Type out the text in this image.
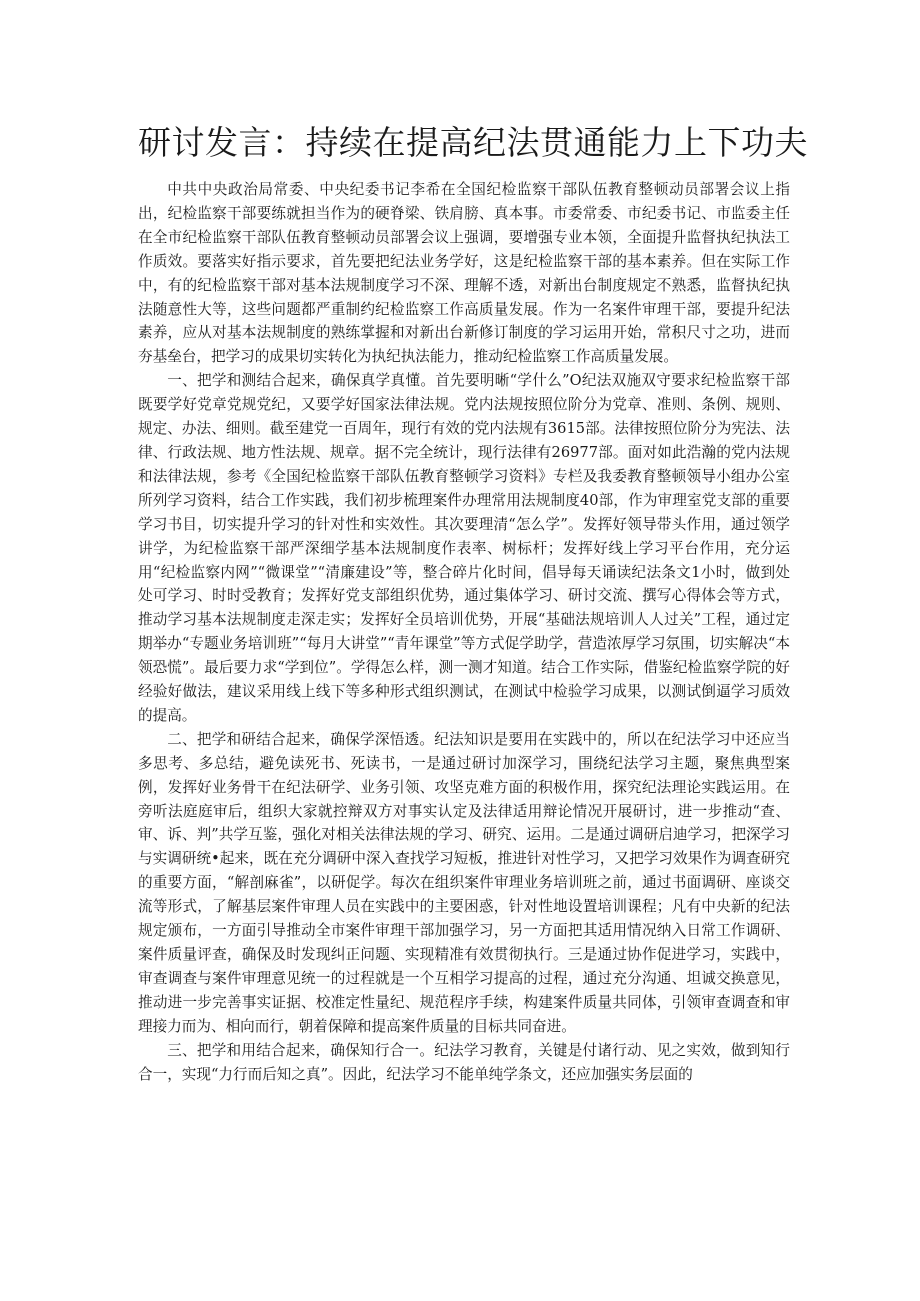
研讨发言：持续在提高纪法贯通能力上下功夫

中共中央政治局常委、中央纪委书记李希在全国纪检监察干部队伍教育整顿动员部署会议上指出，纪检监察干部要练就担当作为的硬脊梁、铁肩膀、真本事。市委常委、市纪委书记、市监委主任在全市纪检监察干部队伍教育整顿动员部署会议上强调，要增强专业本领，全面提升监督执纪执法工作质效。要落实好指示要求，首先要把纪法业务学好，这是纪检监察干部的基本素养。但在实际工作中，有的纪检监察干部对基本法规制度学习不深、理解不透，对新出台制度规定不熟悉，监督执纪执法随意性大等，这些问题都严重制约纪检监察工作高质量发展。作为一名案件审理干部，要提升纪法素养，应从对基本法规制度的熟练掌握和对新出台新修订制度的学习运用开始，常积尺寸之功，进而夯基垒台，把学习的成果切实转化为执纪执法能力，推动纪检监察工作高质量发展。

一、把学和测结合起来，确保真学真懂。首先要明晰“学什么”O纪法双施双守要求纪检监察干部既要学好党章党规党纪，又要学好国家法律法规。党内法规按照位阶分为党章、准则、条例、规则、规定、办法、细则。截至建党一百周年，现行有效的党内法规有3615部。法律按照位阶分为宪法、法律、行政法规、地方性法规、规章。据不完全统计，现行法律有26977部。面对如此浩瀚的党内法规和法律法规，参考《全国纪检监察干部队伍教育整顿学习资料》专栏及我委教育整顿领导小组办公室所列学习资料，结合工作实践，我们初步梳理案件办理常用法规制度40部，作为审理室党支部的重要学习书目，切实提升学习的针对性和实效性。其次要理清“怎么学”。发挥好领导带头作用，通过领学讲学，为纪检监察干部严深细学基本法规制度作表率、树标杆；发挥好线上学习平台作用，充分运用“纪检监察内网”“微课堂”“清廉建设”等，整合碎片化时间，倡导每天诵读纪法条文1小时，做到处处可学习、时时受教育；发挥好党支部组织优势，通过集体学习、研讨交流、撰写心得体会等方式，推动学习基本法规制度走深走实；发挥好全员培训优势，开展“基础法规培训人人过关”工程，通过定期举办“专题业务培训班”“每月大讲堂”“青年课堂”等方式促学助学，营造浓厚学习氛围，切实解决“本领恐慌”。最后要力求“学到位”。学得怎么样，测一测才知道。结合工作实际，借鉴纪检监察学院的好经验好做法，建议采用线上线下等多种形式组织测试，在测试中检验学习成果，以测试倒逼学习质效的提高。

二、把学和研结合起来，确保学深悟透。纪法知识是要用在实践中的，所以在纪法学习中还应当多思考、多总结，避免读死书、死读书，一是通过研讨加深学习，围绕纪法学习主题，聚焦典型案例，发挥好业务骨干在纪法研学、业务引领、攻坚克难方面的积极作用，探究纪法理论实践运用。在旁听法庭庭审后，组织大家就控辩双方对事实认定及法律适用辩论情况开展研讨，进一步推动“查、审、诉、判”共学互鉴，强化对相关法律法规的学习、研究、运用。二是通过调研启迪学习，把深学习与实调研统•起来，既在充分调研中深入查找学习短板，推进针对性学习，又把学习效果作为调查研究的重要方面，“解剖麻雀”，以研促学。每次在组织案件审理业务培训班之前，通过书面调研、座谈交流等形式，了解基层案件审理人员在实践中的主要困惑，针对性地设置培训课程；凡有中央新的纪法规定颁布，一方面引导推动全市案件审理干部加强学习，另一方面把其适用情况纳入日常工作调研、案件质量评查，确保及时发现纠正问题、实现精准有效贯彻执行。三是通过协作促进学习，实践中，审查调查与案件审理意见统一的过程就是一个互相学习提高的过程，通过充分沟通、坦诚交换意见，推动进一步完善事实证据、校准定性量纪、规范程序手续，构建案件质量共同体，引领审查调查和审理接力而为、相向而行，朝着保障和提高案件质量的目标共同奋进。

三、把学和用结合起来，确保知行合一。纪法学习教育，关键是付诸行动、见之实效，做到知行合一，实现“力行而后知之真”。因此，纪法学习不能单纯学条文，还应加强实务层面的
